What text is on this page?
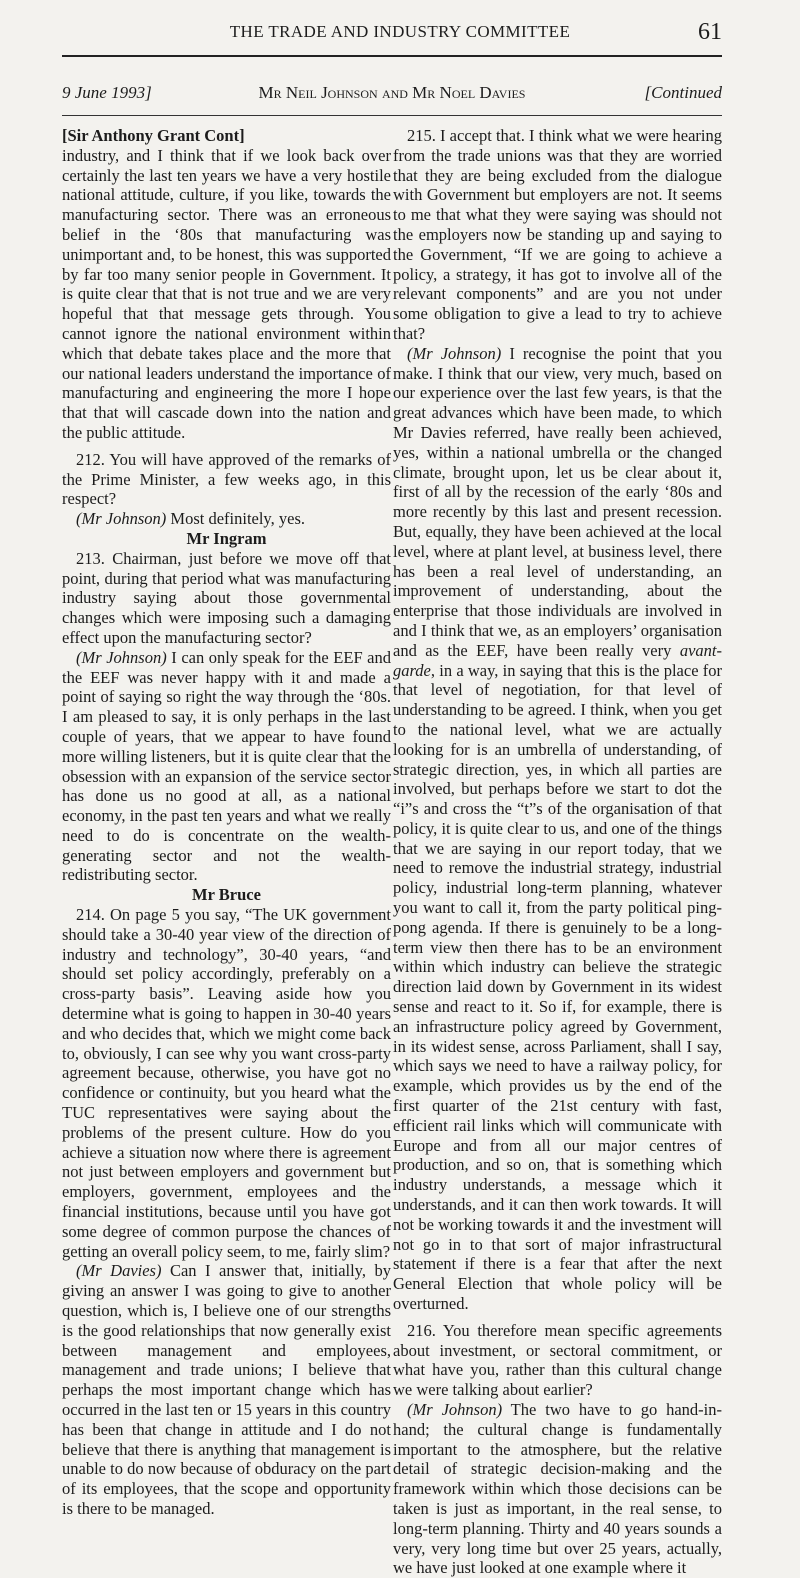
THE TRADE AND INDUSTRY COMMITTEE	61
9 June 1993]	Mr Neil Johnson and Mr Noel Davies	[Continued

[Sir Anthony Grant Cont]

industry, and I think that if we look back over certainly the last ten years we have a very hostile national attitude, culture, if you like, towards the manufacturing sector. There was an erroneous belief in the ‘80s that manufacturing was unimportant and, to be honest, this was supported by far too many senior people in Government. It is quite clear that that is not true and we are very hopeful that that message gets through. You cannot ignore the national environment within which that debate takes place and the more that our national leaders understand the importance of manufacturing and engineering the more I hope that that will cascade down into the nation and the public attitude.

212. You will have approved of the remarks of the Prime Minister, a few weeks ago, in this respect?

(Mr Johnson) Most definitely, yes.

Mr Ingram

213. Chairman, just before we move off that point, during that period what was manufacturing industry saying about those governmental changes which were imposing such a damaging effect upon the manufacturing sector?

(Mr Johnson) I can only speak for the EEF and the EEF was never happy with it and made a point of saying so right the way through the ‘80s. I am pleased to say, it is only perhaps in the last couple of years, that we appear to have found more willing listeners, but it is quite clear that the obsession with an expansion of the service sector has done us no good at all, as a national economy, in the past ten years and what we really need to do is concentrate on the wealth-generating sector and not the wealth-redistributing sector.

Mr Bruce

214. On page 5 you say, “The UK government should take a 30-40 year view of the direction of industry and technology”, 30-40 years, “and should set policy accordingly, preferably on a cross-party basis”. Leaving aside how you determine what is going to happen in 30-40 years and who decides that, which we might come back to, obviously, I can see why you want cross-party agreement because, otherwise, you have got no confidence or continuity, but you heard what the TUC representatives were saying about the problems of the present culture. How do you achieve a situation now where there is agreement not just between employers and government but employers, government, employees and the financial institutions, because until you have got some degree of common purpose the chances of getting an overall policy seem, to me, fairly slim?

(Mr Davies) Can I answer that, initially, by giving an answer I was going to give to another question, which is, I believe one of our strengths is the good relationships that now generally exist between management and employees, management and trade unions; I believe that perhaps the most important change which has occurred in the last ten or 15 years in this country has been that change in attitude and I do not believe that there is anything that management is unable to do now because of obduracy on the part of its employees, that the scope and opportunity is there to be managed.

215. I accept that. I think what we were hearing from the trade unions was that they are worried that they are being excluded from the dialogue with Government but employers are not. It seems to me that what they were saying was should not the employers now be standing up and saying to the Government, “If we are going to achieve a policy, a strategy, it has got to involve all of the relevant components” and are you not under some obligation to give a lead to try to achieve that?

(Mr Johnson) I recognise the point that you make. I think that our view, very much, based on our experience over the last few years, is that the great advances which have been made, to which Mr Davies referred, have really been achieved, yes, within a national umbrella or the changed climate, brought upon, let us be clear about it, first of all by the recession of the early ‘80s and more recently by this last and present recession. But, equally, they have been achieved at the local level, where at plant level, at business level, there has been a real level of understanding, an improvement of understanding, about the enterprise that those individuals are involved in and I think that we, as an employers’ organisation and as the EEF, have been really very avant-garde, in a way, in saying that this is the place for that level of negotiation, for that level of understanding to be agreed. I think, when you get to the national level, what we are actually looking for is an umbrella of understanding, of strategic direction, yes, in which all parties are involved, but perhaps before we start to dot the “i”s and cross the “t”s of the organisation of that policy, it is quite clear to us, and one of the things that we are saying in our report today, that we need to remove the industrial strategy, industrial policy, industrial long-term planning, whatever you want to call it, from the party political ping-pong agenda. If there is genuinely to be a long-term view then there has to be an environment within which industry can believe the strategic direction laid down by Government in its widest sense and react to it. So if, for example, there is an infrastructure policy agreed by Government, in its widest sense, across Parliament, shall I say, which says we need to have a railway policy, for example, which provides us by the end of the first quarter of the 21st century with fast, efficient rail links which will communicate with Europe and from all our major centres of production, and so on, that is something which industry understands, a message which it understands, and it can then work towards. It will not be working towards it and the investment will not go in to that sort of major infrastructural statement if there is a fear that after the next General Election that whole policy will be overturned.

216. You therefore mean specific agreements about investment, or sectoral commitment, or what have you, rather than this cultural change we were talking about earlier?

(Mr Johnson) The two have to go hand-in-hand; the cultural change is fundamentally important to the atmosphere, but the relative detail of strategic decision-making and the framework within which those decisions can be taken is just as important, in the real sense, to long-term planning. Thirty and 40 years sounds a very, very long time but over 25 years, actually, we have just looked at one example where it
